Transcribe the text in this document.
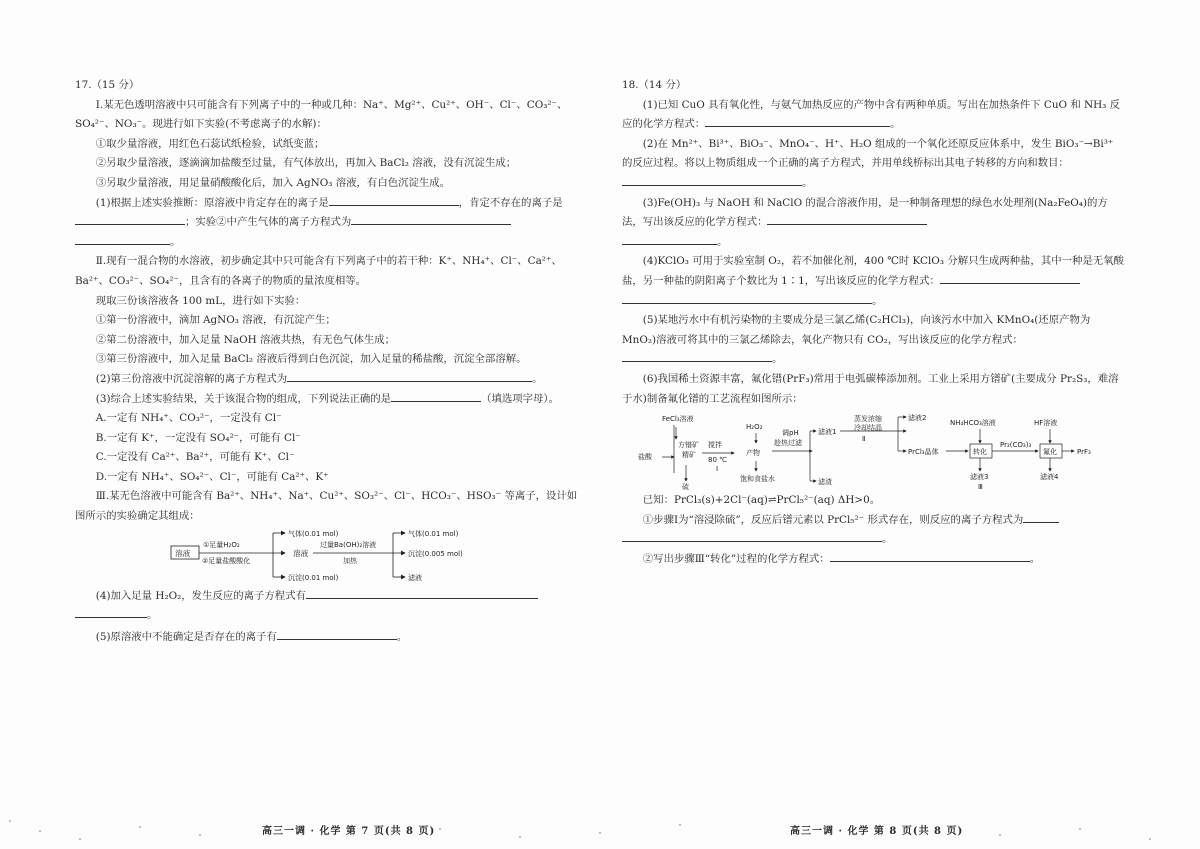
17.（15 分）

Ⅰ.某无色透明溶液中只可能含有下列离子中的一种或几种：Na⁺、Mg²⁺、Cu²⁺、OH⁻、Cl⁻、CO₃²⁻、SO₄²⁻、NO₃⁻。现进行如下实验(不考虑离子的水解)：

①取少量溶液，用红色石蕊试纸检验，试纸变蓝；

②另取少量溶液，逐滴滴加盐酸至过量，有气体放出，再加入 BaCl₂ 溶液，没有沉淀生成；

③另取少量溶液，用足量硝酸酸化后，加入 AgNO₃ 溶液，有白色沉淀生成。

(1)根据上述实验推断：原溶液中肯定存在的离子是	，肯定不存在的离子是；实验②中产生气体的离子方程式为
。

Ⅱ.现有一混合物的水溶液，初步确定其中只可能含有下列离子中的若干种：K⁺、NH₄⁺、Cl⁻、Ca²⁺、Ba²⁺、CO₃²⁻、SO₄²⁻，且含有的各离子的物质的量浓度相等。

现取三份该溶液各 100 mL，进行如下实验：

①第一份溶液中，滴加 AgNO₃ 溶液，有沉淀产生；

②第二份溶液中，加入足量 NaOH 溶液共热，有无色气体生成；

③第三份溶液中，加入足量 BaCl₂ 溶液后得到白色沉淀，加入足量的稀盐酸，沉淀全部溶解。

(2)第三份溶液中沉淀溶解的离子方程式为	。

(3)综合上述实验结果，关于该混合物的组成，下列说法正确的是	（填选项字母）。

A.一定有 NH₄⁺、CO₃²⁻，一定没有 Cl⁻

B.一定有 K⁺，一定没有 SO₄²⁻，可能有 Cl⁻

C.一定没有 Ca²⁺、Ba²⁺，可能有 K⁺、Cl⁻

D.一定有 NH₄⁺、SO₄²⁻、Cl⁻，可能有 Ca²⁺、K⁺

Ⅲ.某无色溶液中可能含有 Ba²⁺、NH₄⁺、Na⁺、Cu²⁺、SO₃²⁻、Cl⁻、HCO₃⁻、HSO₃⁻ 等离子，设计如图所示的实验确定其组成：

溶液
①足量H₂O₂
②足量盐酸酸化
气体(0.01 mol)
溶液
沉淀(0.01 mol)
过量Ba(OH)₂溶液
加热
气体(0.01 mol)
沉淀(0.005 mol)
滤液

(4)加入足量 H₂O₂，发生反应的离子方程式有
。

(5)原溶液中不能确定是否存在的离子有	。

高三一调 · 化学 第 7 页(共 8 页)

18.（14 分）

(1)已知 CuO 具有氧化性，与氨气加热反应的产物中含有两种单质。写出在加热条件下 CuO 和 NH₃ 反应的化学方程式：	。

(2)在 Mn²⁺、Bi³⁺、BiO₃⁻、MnO₄⁻、H⁺、H₂O 组成的一个氧化还原反应体系中，发生 BiO₃⁻→Bi³⁺ 的反应过程。将以上物质组成一个正确的离子方程式，并用单线桥标出其电子转移的方向和数目：。

(3)Fe(OH)₃ 与 NaOH 和 NaClO 的混合溶液作用，是一种制备理想的绿色水处理剂(Na₂FeO₄)的方法，写出该反应的化学方程式：
。

(4)KClO₃ 可用于实验室制 O₂，若不加催化剂，400 ℃时 KClO₃ 分解只生成两种盐，其中一种是无氧酸盐，另一种盐的阴阳离子个数比为 1∶1，写出该反应的化学方程式：
。

(5)某地污水中有机污染物的主要成分是三氯乙烯(C₂HCl₃)，向该污水中加入 KMnO₄(还原产物为 MnO₂)溶液可将其中的三氯乙烯除去，氧化产物只有 CO₂，写出该反应的化学方程式：。

(6)我国稀土资源丰富，氟化镨(PrF₃)常用于电弧碳棒添加剂。工业上采用方镨矿(主要成分 Pr₂S₃，难溶于水)制备氟化镨的工艺流程如图所示：

FeCl₃溶液
盐酸
方镨矿
精矿
搅拌
80 ℃
Ⅰ
硫
H₂O₂
产物
饱和食盐水
调pH
趁热过滤
滤液1
滤渣
蒸发浓缩
冷却结晶
Ⅱ
滤液2
PrCl₃晶体
NH₄HCO₃溶液
转化
Pr₂(CO₃)₃
HF溶液
氟化	PrF₃
滤液3
Ⅲ
滤液4

已知：PrCl₃(s)+2Cl⁻(aq)⇌PrCl₅²⁻(aq) ΔH>0。

①步骤Ⅰ为“溶浸除硫”，反应后镨元素以 PrCl₅²⁻ 形式存在，则反应的离子方程式为
。

②写出步骤Ⅲ“转化”过程的化学方程式：	。

高三一调 · 化学 第 8 页(共 8 页)
